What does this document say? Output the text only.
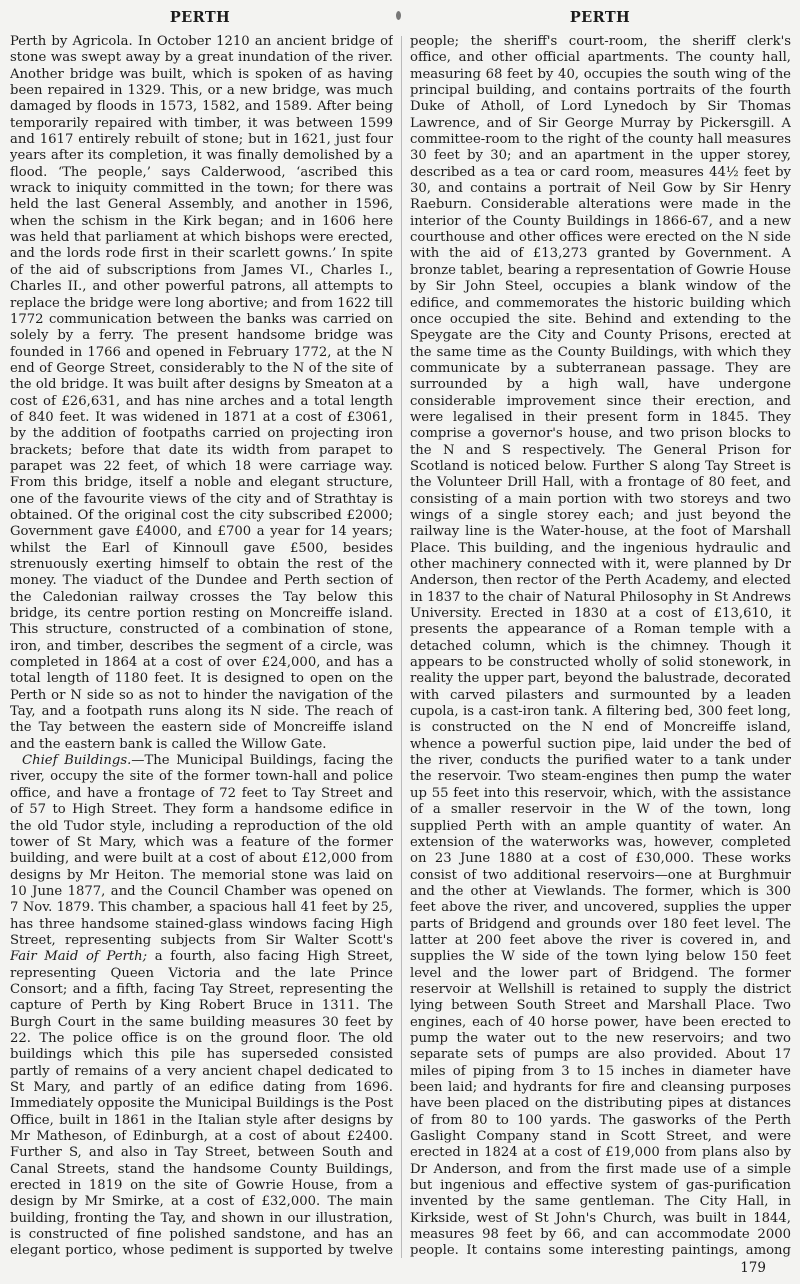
PERTH	PERTH

Perth by Agricola. In October 1210 an ancient bridge of stone was swept away by a great inundation of the river. Another bridge was built, which is spoken of as having been repaired in 1329. This, or a new bridge, was much damaged by floods in 1573, 1582, and 1589. After being temporarily repaired with timber, it was between 1599 and 1617 entirely rebuilt of stone; but in 1621, just four years after its completion, it was finally demolished by a flood. ‘The people,’ says Calderwood, ‘ascribed this wrack to iniquity committed in the town; for there was held the last General Assembly, and another in 1596, when the schism in the Kirk began; and in 1606 here was held that parliament at which bishops were erected, and the lords rode first in their scarlett gowns.’ In spite of the aid of subscriptions from James VI., Charles I., Charles II., and other powerful patrons, all attempts to replace the bridge were long abortive; and from 1622 till 1772 communication between the banks was carried on solely by a ferry. The present handsome bridge was founded in 1766 and opened in February 1772, at the N end of George Street, considerably to the N of the site of the old bridge. It was built after designs by Smeaton at a cost of £26,631, and has nine arches and a total length of 840 feet. It was widened in 1871 at a cost of £3061, by the addition of footpaths carried on projecting iron brackets; before that date its width from parapet to parapet was 22 feet, of which 18 were carriage way. From this bridge, itself a noble and elegant structure, one of the favourite views of the city and of Strathtay is obtained. Of the original cost the city subscribed £2000; Government gave £4000, and £700 a year for 14 years; whilst the Earl of Kinnoull gave £500, besides strenuously exerting himself to obtain the rest of the money. The viaduct of the Dundee and Perth section of the Caledonian railway crosses the Tay below this bridge, its centre portion resting on Moncreiffe island. This structure, constructed of a combination of stone, iron, and timber, describes the segment of a circle, was completed in 1864 at a cost of over £24,000, and has a total length of 1180 feet. It is designed to open on the Perth or N side so as not to hinder the navigation of the Tay, and a footpath runs along its N side. The reach of the Tay between the eastern side of Moncreiffe island and the eastern bank is called the Willow Gate.

Chief Buildings.—The Municipal Buildings, facing the river, occupy the site of the former town-hall and police office, and have a frontage of 72 feet to Tay Street and of 57 to High Street. They form a handsome edifice in the old Tudor style, including a reproduction of the old tower of St Mary, which was a feature of the former building, and were built at a cost of about £12,000 from designs by Mr Heiton. The memorial stone was laid on 10 June 1877, and the Council Chamber was opened on 7 Nov. 1879. This chamber, a spacious hall 41 feet by 25, has three handsome stained-glass windows facing High Street, representing subjects from Sir Walter Scott's Fair Maid of Perth; a fourth, also facing High Street, representing Queen Victoria and the late Prince Consort; and a fifth, facing Tay Street, representing the capture of Perth by King Robert Bruce in 1311. The Burgh Court in the same building measures 30 feet by 22. The police office is on the ground floor. The old buildings which this pile has superseded consisted partly of remains of a very ancient chapel dedicated to St Mary, and partly of an edifice dating from 1696. Immediately opposite the Municipal Buildings is the Post Office, built in 1861 in the Italian style after designs by Mr Matheson, of Edinburgh, at a cost of about £2400. Further S, and also in Tay Street, between South and Canal Streets, stand the handsome County Buildings, erected in 1819 on the site of Gowrie House, from a design by Mr Smirke, at a cost of £32,000. The main building, fronting the Tay, and shown in our illustration, is constructed of fine polished sandstone, and has an elegant portico, whose pediment is supported by twelve

people; the sheriff's court-room, the sheriff clerk's office, and other official apartments. The county hall, measuring 68 feet by 40, occupies the south wing of the principal building, and contains portraits of the fourth Duke of Atholl, of Lord Lynedoch by Sir Thomas Lawrence, and of Sir George Murray by Pickersgill. A committee-room to the right of the county hall measures 30 feet by 30; and an apartment in the upper storey, described as a tea or card room, measures 44½ feet by 30, and contains a portrait of Neil Gow by Sir Henry Raeburn. Considerable alterations were made in the interior of the County Buildings in 1866-67, and a new courthouse and other offices were erected on the N side with the aid of £13,273 granted by Government. A bronze tablet, bearing a representation of Gowrie House by Sir John Steel, occupies a blank window of the edifice, and commemorates the historic building which once occupied the site. Behind and extending to the Speygate are the City and County Prisons, erected at the same time as the County Buildings, with which they communicate by a subterranean passage. They are surrounded by a high wall, have undergone considerable improvement since their erection, and were legalised in their present form in 1845. They comprise a governor's house, and two prison blocks to the N and S respectively. The General Prison for Scotland is noticed below. Further S along Tay Street is the Volunteer Drill Hall, with a frontage of 80 feet, and consisting of a main portion with two storeys and two wings of a single storey each; and just beyond the railway line is the Water-house, at the foot of Marshall Place. This building, and the ingenious hydraulic and other machinery connected with it, were planned by Dr Anderson, then rector of the Perth Academy, and elected in 1837 to the chair of Natural Philosophy in St Andrews University. Erected in 1830 at a cost of £13,610, it presents the appearance of a Roman temple with a detached column, which is the chimney. Though it appears to be constructed wholly of solid stonework, in reality the upper part, beyond the balustrade, decorated with carved pilasters and surmounted by a leaden cupola, is a cast-iron tank. A filtering bed, 300 feet long, is constructed on the N end of Moncreiffe island, whence a powerful suction pipe, laid under the bed of the river, conducts the purified water to a tank under the reservoir. Two steam-engines then pump the water up 55 feet into this reservoir, which, with the assistance of a smaller reservoir in the W of the town, long supplied Perth with an ample quantity of water. An extension of the waterworks was, however, completed on 23 June 1880 at a cost of £30,000. These works consist of two additional reservoirs—one at Burghmuir and the other at Viewlands. The former, which is 300 feet above the river, and uncovered, supplies the upper parts of Bridgend and grounds over 180 feet level. The latter at 200 feet above the river is covered in, and supplies the W side of the town lying below 150 feet level and the lower part of Bridgend. The former reservoir at Wellshill is retained to supply the district lying between South Street and Marshall Place. Two engines, each of 40 horse power, have been erected to pump the water out to the new reservoirs; and two separate sets of pumps are also provided. About 17 miles of piping from 3 to 15 inches in diameter have been laid; and hydrants for fire and cleansing purposes have been placed on the distributing pipes at distances of from 80 to 100 yards. The gasworks of the Perth Gaslight Company stand in Scott Street, and were erected in 1824 at a cost of £19,000 from plans also by Dr Anderson, and from the first made use of a simple but ingenious and effective system of gas-purification invented by the same gentleman. The City Hall, in Kirkside, west of St John's Church, was built in 1844, measures 98 feet by 66, and can accommodate 2000 people. It contains some interesting paintings, among

179
